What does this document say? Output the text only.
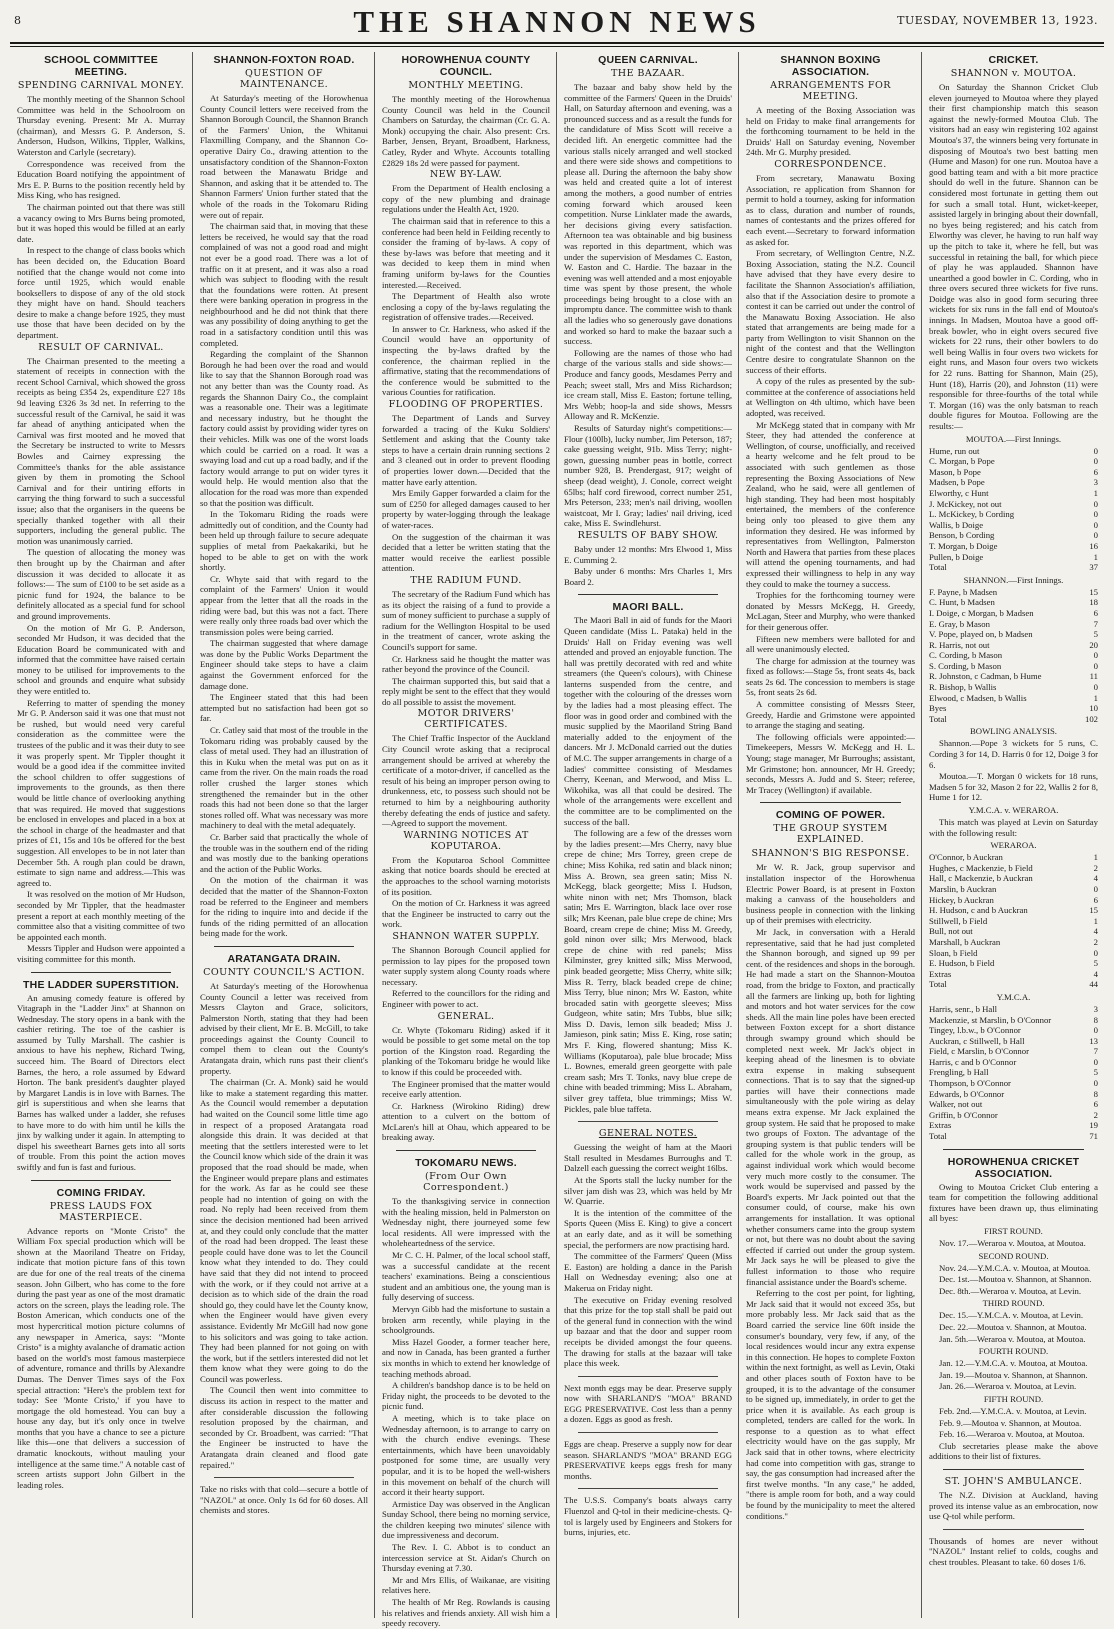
8	THE SHANNON NEWS	TUESDAY, NOVEMBER 13, 1923.
SCHOOL COMMITTEE MEETING.
SPENDING CARNIVAL MONEY.

The monthly meeting of the Shannon School Committee was held in the Schoolroom on Thursday evening. Present: Mr A. Murray (chairman), and Messrs G. P. Anderson, S. Anderson, Hudson, Wilkins, Tippler, Walkins, Waterston and Carlyle (secretary).

Correspondence was received from the Education Board notifying the appointment of Mrs E. P. Burns to the position recently held by Miss King, who has resigned.

The chairman pointed out that there was still a vacancy owing to Mrs Burns being promoted, but it was hoped this would be filled at an early date.

In respect to the change of class books which has been decided on, the Education Board notified that the change would not come into force until 1925, which would enable booksellers to dispose of any of the old stock they might have on hand. Should teachers desire to make a change before 1925, they must use those that have been decided on by the department.

RESULT OF CARNIVAL.

The Chairman presented to the meeting a statement of receipts in connection with the recent School Carnival, which showed the gross receipts as being £354 2s, expenditure £27 18s 9d leaving £326 3s 3d net. In referring to the successful result of the Carnival, he said it was far ahead of anything anticipated when the Carnival was first mooted and he moved that the Secretary be instructed to write to Messrs Bowles and Cairney expressing the Committee's thanks for the able assistance given by them in promoting the School Carnival and for their untiring efforts in carrying the thing forward to such a successful issue; also that the organisers in the queens be specially thanked together with all their supporters, including the general public. The motion was unanimously carried.

The question of allocating the money was then brought up by the Chairman and after discussion it was decided to allocate it as follows:— The sum of £100 to be set aside as a picnic fund for 1924, the balance to be definitely allocated as a special fund for school and ground improvements.

On the motion of Mr G. P. Anderson, seconded Mr Hudson, it was decided that the Education Board be communicated with and informed that the committee have raised certain money to be utilised for improvements to the school and grounds and enquire what subsidy they were entitled to.

Referring to matter of spending the money Mr G. P. Anderson said it was one that must not be rushed, but would need very careful consideration as the committee were the trustees of the public and it was their duty to see it was properly spent. Mr Tippler thought it would be a good idea if the committee invited the school children to offer suggestions of improvements to the grounds, as then there would be little chance of overlooking anything that was required. He moved that suggestions be enclosed in envelopes and placed in a box at the school in charge of the headmaster and that prizes of £1, 15s and 10s be offered for the best suggestion. All envelopes to be in not later than December 5th. A rough plan could be drawn, estimate to sign name and address.—This was agreed to.

It was resolved on the motion of Mr Hudson, seconded by Mr Tippler, that the headmaster present a report at each monthly meeting of the committee also that a visiting committee of two be appointed each month.

Messrs Tippler and Hudson were appointed a visiting committee for this month.

THE LADDER SUPERSTITION.

An amusing comedy feature is offered by Vitagraph in the "Ladder Jinx" at Shannon on Wednesday. The story opens in a bank with the cashier retiring. The toe of the cashier is assumed by Tully Marshall. The cashier is anxious to have his nephew, Richard Twing, succeed him. The Board of Directors elect Barnes, the hero, a role assumed by Edward Horton. The bank president's daughter played by Margaret Landis is in love with Barnes. The girl is superstitious and when she learns that Barnes has walked under a ladder, she refuses to have more to do with him until he kills the jinx by walking under it again. In attempting to dispel his sweetheart Barnes gets into all sorts of trouble. From this point the action moves swiftly and fun is fast and furious.

COMING FRIDAY.
PRESS LAUDS FOX MASTERPIECE.

Advance reports on "Monte Cristo" the William Fox special production which will be shown at the Maoriland Theatre on Friday, indicate that motion picture fans of this town are due for one of the real treats of the cinema season. John Gilbert, who has come to the fore during the past year as one of the most dramatic actors on the screen, plays the leading role. The Boston American, which conducts one of the most hypercritical motion picture columns of any newspaper in America, says: "Monte Cristo" is a mighty avalanche of dramatic action based on the world's most famous masterpiece of adventure, romance and thrills by Alexandre Dumas. The Denver Times says of the Fox special attraction: "Here's the problem text for today: See 'Monte Cristo,' if you have to mortgage the old homestead. You can buy a house any day, but it's only once in twelve months that you have a chance to see a picture like this—one that delivers a succession of dramatic knockouts, without mauling your intelligence at the same time." A notable cast of screen artists support John Gilbert in the leading roles.

SHANNON-FOXTON ROAD.
QUESTION OF MAINTENANCE.

At Saturday's meeting of the Horowhenua County Council letters were received from the Shannon Borough Council, the Shannon Branch of the Farmers' Union, the Whitanui Flaxmilling Company, and the Shannon Co-operative Dairy Co., drawing attention to the unsatisfactory condition of the Shannon-Foxton road between the Manawatu Bridge and Shannon, and asking that it be attended to. The Shannon Farmers' Union further stated that the whole of the roads in the Tokomaru Riding were out of repair.

The chairman said that, in moving that these letters be received, he would say that the road complained of was not a good road and might not ever be a good road. There was a lot of traffic on it at present, and it was also a road which was subject to flooding with the result that the foundations were rotten. At present there were banking operation in progress in the neighbourhood and he did not think that there was any possibility of doing anything to get the road in a satisfactory condition until this was completed.

Regarding the complaint of the Shannon Borough he had been over the road and would like to say that the Shannon Borough road was not any better than was the County road. As regards the Shannon Dairy Co., the complaint was a reasonable one. Their was a legitimate and necessary industry, but he thought the factory could assist by providing wider tyres on their vehicles. Milk was one of the worst loads which could be carried on a road. It was a swaying load and cut up a road badly, and if the factory would arrange to put on wider tyres it would help. He would mention also that the allocation for the road was more than expended so that the position was difficult.

In the Tokomaru Riding the roads were admittedly out of condition, and the County had been held up through failure to secure adequate supplies of metal from Paekakariki, but he hoped to be able to get on with the work shortly.

Cr. Whyte said that with regard to the complaint of the Farmers' Union it would appear from the letter that all the roads in the riding were bad, but this was not a fact. There were really only three roads bad over which the transmission poles were being carried.

The chairman suggested that where damage was done by the Public Works Department the Engineer should take steps to have a claim against the Government enforced for the damage done.

The Engineer stated that this had been attempted but no satisfaction had been got so far.

Cr. Catley said that most of the trouble in the Tokomaru riding was probably caused by the class of metal used. They had an illustration of this in Kuku when the metal was put on as it came from the river. On the main roads the road roller crushed the larger stones which strengthened the remainder but in the other roads this had not been done so that the larger stones rolled off. What was necessary was more machinery to deal with the metal adequately.

Cr. Barber said that practically the whole of the trouble was in the southern end of the riding and was mostly due to the banking operations and the action of the Public Works.

On the motion of the chairman it was decided that the matter of the Shannon-Foxton road be referred to the Engineer and members for the riding to inquire into and decide if the funds of the riding permitted of an allocation being made for the work.

ARATANGATA DRAIN.
COUNTY COUNCIL'S ACTION.

At Saturday's meeting of the Horowhenua County Council a letter was received from Messrs Clayton and Grace, solicitors, Palmerston North, stating that they had been advised by their client, Mr E. B. McGill, to take proceedings against the County Council to compel them to clean out the County's Aratangata drain, which runs past their client's property.

The chairman (Cr. A. Monk) said he would like to make a statement regarding this matter. As the Council would remember a deputation had waited on the Council some little time ago in respect of a proposed Aratangata road alongside this drain. It was decided at that meeting that the settlers interested were to let the Council know which side of the drain it was proposed that the road should be made, when the Engineer would prepare plans and estimates for the work. As far as he could see these people had no intention of going on with the road. No reply had been received from them since the decision mentioned had been arrived at, and they could only conclude that the matter of the road had been dropped. The least these people could have done was to let the Council know what they intended to do. They could have said that they did not intend to proceed with the work, or if they could not arrive at a decision as to which side of the drain the road should go, they could have let the County know, when the Engineer would have given every assistance. Evidently Mr McGill had now gone to his solicitors and was going to take action. They had been planned for not going on with the work, but if the settlers interested did not let them know what they were going to do the Council was powerless.

The Council then went into committee to discuss its action in respect to the matter and after considerable discussion the following resolution proposed by the chairman, and seconded by Cr. Broadbent, was carried: "That the Engineer be instructed to have the Aratangata drain cleaned and flood gate repaired."

Take no risks with that cold—secure a bottle of "NAZOL" at once. Only 1s 6d for 60 doses. All chemists and stores.
HOROWHENUA COUNTY COUNCIL.
MONTHLY MEETING.

The monthly meeting of the Horowhenua County Council was held in the Council Chambers on Saturday, the chairman (Cr. G. A. Monk) occupying the chair. Also present: Crs. Barber, Jensen, Bryant, Broadbent, Harkness, Catley, Ryder and Whyte. Accounts totalling £2829 18s 2d were passed for payment.

NEW BY-LAW.

From the Department of Health enclosing a copy of the new plumbing and drainage regulations under the Health Act, 1920.

The chairman said that in reference to this a conference had been held in Feilding recently to consider the framing of by-laws. A copy of these by-laws was before that meeting and it was decided to keep them in mind when framing uniform by-laws for the Counties interested.—Received.

The Department of Health also wrote enclosing a copy of the by-laws regulating the registration of offensive trades.—Received.

In answer to Cr. Harkness, who asked if the Council would have an opportunity of inspecting the by-laws drafted by the conference, the chairman replied in the affirmative, stating that the recommendations of the conference would be submitted to the various Counties for ratification.

FLOODING OF PROPERTIES.

The Department of Lands and Survey forwarded a tracing of the Kuku Soldiers' Settlement and asking that the County take steps to have a certain drain running sections 2 and 3 cleaned out in order to prevent flooding of properties lower down.—Decided that the matter have early attention.

Mrs Emily Gapper forwarded a claim for the sum of £250 for alleged damages caused to her property by water-logging through the leakage of water-races.

On the suggestion of the chairman it was decided that a letter be written stating that the matter would receive the earliest possible attention.

THE RADIUM FUND.

The secretary of the Radium Fund which has as its object the raising of a fund to provide a sum of money sufficient to purchase a supply of radium for the Wellington Hospital to be used in the treatment of cancer, wrote asking the Council's support for same.

Cr. Harkness said he thought the matter was rather beyond the province of the Council.

The chairman supported this, but said that a reply might be sent to the effect that they would do all possible to assist the movement.

MOTOR DRIVERS' CERTIFICATES.

The Chief Traffic Inspector of the Auckland City Council wrote asking that a reciprocal arrangement should be arrived at whereby the certificate of a motor-driver, if cancelled as the result of his being an improper person owing to drunkenness, etc, to possess such should not be returned to him by a neighbouring authority thereby defeating the ends of justice and safety.—Agreed to support the movement.

WARNING NOTICES AT KOPUTAROA.

From the Koputaroa School Committee asking that notice boards should be erected at the approaches to the school warning motorists of its position.

On the motion of Cr. Harkness it was agreed that the Engineer be instructed to carry out the work.

SHANNON WATER SUPPLY.

The Shannon Borough Council applied for permission to lay pipes for the proposed town water supply system along County roads where necessary.

Referred to the councillors for the riding and Engineer with power to act.

GENERAL.

Cr. Whyte (Tokomaru Riding) asked if it would be possible to get some metal on the top portion of the Kingston road. Regarding the planking of the Tokomaru bridge he would like to know if this could be proceeded with.

The Engineer promised that the matter would receive early attention.

Cr. Harkness (Wirokino Riding) drew attention to a culvert on the bottom of McLaren's hill at Ohau, which appeared to be breaking away.

TOKOMARU NEWS.
(From Our Own Correspondent.)

To the thanksgiving service in connection with the healing mission, held in Palmerston on Wednesday night, there journeyed some few local residents. All were impressed with the wholeheartedness of the service.

Mr C. C. H. Palmer, of the local school staff, was a successful candidate at the recent teachers' examinations. Being a conscientious student and an ambitious one, the young man is fully deserving of success.

Mervyn Gibb had the misfortune to sustain a broken arm recently, while playing in the schoolgrounds.

Miss Hazel Gooder, a former teacher here, and now in Canada, has been granted a further six months in which to extend her knowledge of teaching methods abroad.

A children's bandshop dance is to be held on Friday night, the proceeds to be devoted to the picnic fund.

A meeting, which is to take place on Wednesday afternoon, is to arrange to carry on with the church endive evenings. These entertainments, which have been unavoidably postponed for some time, are usually very popular, and it is to be hoped the well-wishers in this movement on behalf of the church will accord it their hearty support.

Armistice Day was observed in the Anglican Sunday School, there being no morning service, the children keeping two minutes' silence with due impressiveness and decorum.

The Rev. I. C. Abbot is to conduct an intercession service at St. Aidan's Church on Thursday evening at 7.30.

Mr and Mrs Ellis, of Waikanae, are visiting relatives here.

The health of Mr Reg. Rowlands is causing his relatives and friends anxiety. All wish him a speedy recovery.

QUEEN CARNIVAL.
THE BAZAAR.

The bazaar and baby show held by the committee of the Farmers' Queen in the Druids' Hall, on Saturday afternoon and evening, was a pronounced success and as a result the funds for the candidature of Miss Scott will receive a decided lift. An energetic committee had the various stalls nicely arranged and well stocked and there were side shows and competitions to please all. During the afternoon the baby show was held and created quite a lot of interest among the mothers, a good number of entries coming forward which aroused keen competition. Nurse Linklater made the awards, her decisions giving every satisfaction. Afternoon tea was obtainable and big business was reported in this department, which was under the supervision of Mesdames C. Easton, W. Easton and C. Hardie. The bazaar in the evening was well attended and a most enjoyable time was spent by those present, the whole proceedings being brought to a close with an impromptu dance. The committee wish to thank all the ladies who so generously gave donations and worked so hard to make the bazaar such a success.

Following are the names of those who had charge of the various stalls and side shows:—Produce and fancy goods, Mesdames Perry and Peach; sweet stall, Mrs and Miss Richardson; ice cream stall, Miss E. Easton; fortune telling, Mrs Webb; hoop-la and side shows, Messrs Alloway and R. McKenzie.

Results of Saturday night's competitions:—Flour (100lb), lucky number, Jim Peterson, 187; cake guessing weight, 91b. Miss Terry; night-gown, guessing number peas in bottle, correct number 928, B. Prendergast, 917; weight of sheep (dead weight), J. Conole, correct weight 65lbs; half cord firewood, correct number 251, Mrs Peterson, 233; men's nail driving, woollen waistcoat, Mr I. Gray; ladies' nail driving, iced cake, Miss E. Swindlehurst.

RESULTS OF BABY SHOW.

Baby under 12 months: Mrs Elwood 1, Miss E. Cumming 2.

Baby under 6 months: Mrs Charles 1, Mrs Board 2.

MAORI BALL.

The Maori Ball in aid of funds for the Maori Queen candidate (Miss L. Pataka) held in the Druids' Hall on Friday evening was well attended and proved an enjoyable function. The hall was prettily decorated with red and white streamers (the Queen's colours), with Chinese lanterns suspended from the centre, and together with the colouring of the dresses worn by the ladies had a most pleasing effect. The floor was in good order and combined with the music supplied by the Maoriland String Band materially added to the enjoyment of the dancers. Mr J. McDonald carried out the duties of M.C. The supper arrangements in charge of a ladies' committee consisting of Mesdames Cherry, Keenan, and Merwood, and Miss L. Wikohika, was all that could be desired. The whole of the arrangements were excellent and the committee are to be complimented on the success of the ball.

The following are a few of the dresses worn by the ladies present:—Mrs Cherry, navy blue crepe de chine; Mrs Torrey, green crepe de chine; Miss Kohika, red satin and black ninon; Miss A. Brown, sea green satin; Miss N. McKegg, black georgette; Miss I. Hudson, white ninon with net; Mrs Thomson, black satin; Mrs E. Warrington, black lace over rose silk; Mrs Keenan, pale blue crepe de chine; Mrs Board, cream crepe de chine; Miss M. Greedy, gold ninon over silk; Mrs Merwood, black crepe de chine with red panels; Miss Kilminster, grey knitted silk; Miss Merwood, pink beaded georgette; Miss Cherry, white silk; Miss R. Terry, black beaded crepe de chine; Miss Terry, blue ninon; Mrs W. Easton, white brocaded satin with georgette sleeves; Miss Gudgeon, white satin; Mrs Tubbs, blue silk; Miss D. Davis, lemon silk beaded; Miss J. Jamieson, pink satin; Miss E. King, rose satin; Mrs F. King, flowered shantung; Miss K. Williams (Koputaroa), pale blue brocade; Miss L. Bownes, emerald green georgette with pale cream sash; Mrs T. Tonks, navy blue crepe de chine with beaded trimming; Miss L. Abraham, silver grey taffeta, blue trimmings; Miss W. Pickles, pale blue taffeta.

GENERAL NOTES.

Guessing the weight of ham at the Maori Stall resulted in Mesdames Burroughs and T. Dalzell each guessing the correct weight 16lbs.

At the Sports stall the lucky number for the silver jam dish was 23, which was held by Mr W. Quarrie.

It is the intention of the committee of the Sports Queen (Miss E. King) to give a concert at an early date, and as it will be something special, the performers are now practising hard.

The committee of the Farmers' Queen (Miss E. Easton) are holding a dance in the Parish Hall on Wednesday evening; also one at Makerua on Friday night.

The executive on Friday evening resolved that this prize for the top stall shall be paid out of the general fund in connection with the wind up bazaar and that the door and supper room receipts be divided amongst the four queens. The drawing for stalls at the bazaar will take place this week.

Next month eggs may be dear. Preserve supply now with SHARLAND'S "MOA" BRAND EGG PRESERVATIVE. Cost less than a penny a dozen. Eggs as good as fresh.
Eggs are cheap. Preserve a supply now for dear season. SHARLAND'S "MOA" BRAND EGG PRESERVATIVE keeps eggs fresh for many months.
The U.S.S. Company's boats always carry Fluenzol and Q-tol in their medicine-chests. Q-tol is largely used by Engineers and Stokers for burns, injuries, etc.
SHANNON BOXING ASSOCIATION.
ARRANGEMENTS FOR MEETING.

A meeting of the Boxing Association was held on Friday to make final arrangements for the forthcoming tournament to be held in the Druids' Hall on Saturday evening, November 24th. Mr G. Murphy presided.

CORRESPONDENCE.

From secretary, Manawatu Boxing Association, re application from Shannon for permit to hold a tourney, asking for information as to class, duration and number of rounds, names of contestants and the prizes offered for each event.—Secretary to forward information as asked for.

From secretary, of Wellington Centre, N.Z. Boxing Association, stating the N.Z. Council have advised that they have every desire to facilitate the Shannon Association's affiliation, also that if the Association desire to promote a contest it can be carried out under the control of the Manawatu Boxing Association. He also stated that arrangements are being made for a party from Wellington to visit Shannon on the night of the contest and that the Wellington Centre desire to congratulate Shannon on the success of their efforts.

A copy of the rules as presented by the sub-committee at the conference of associations held at Wellington on 4th ultimo, which have been adopted, was received.

Mr McKegg stated that in company with Mr Steer, they had attended the conference at Wellington, of course, unofficially, and received a hearty welcome and he felt proud to be associated with such gentlemen as those representing the Boxing Associations of New Zealand, who he said, were all gentlemen of high standing. They had been most hospitably entertained, the members of the conference being only too pleased to give them any information they desired. He was informed by representatives from Wellington, Palmerston North and Hawera that parties from these places will attend the opening tournaments, and had expressed their willingness to help in any way they could to make the tourney a success.

Trophies for the forthcoming tourney were donated by Messrs McKegg, H. Greedy, McLagan, Steer and Murphy, who were thanked for their generous offer.

Fifteen new members were balloted for and all were unanimously elected.

The charge for admission at the tourney was fixed as follows:—Stage 5s, front seats 4s, back seats 2s 6d. The concession to members is stage 5s, front seats 2s 6d.

A committee consisting of Messrs Steer, Greedy, Hardie and Grimstone were appointed to arrange the staging and seating.

The following officials were appointed:—Timekeepers, Messrs W. McKegg and H. L. Young; stage manager, Mr Burroughs; assistant, Mr Grimstone; hon. announcer, Mr H. Greedy; seconds, Messrs A. Judd and S. Steer; referee, Mr Tracey (Wellington) if available.

COMING OF POWER.
THE GROUP SYSTEM EXPLAINED.
SHANNON'S BIG RESPONSE.

Mr W. R. Jack, group supervisor and installation inspector of the Horowhenua Electric Power Board, is at present in Foxton making a canvass of the householders and business people in connection with the linking up of their premises with electricity.

Mr Jack, in conversation with a Herald representative, said that he had just completed the Shannon borough, and signed up 99 per cent. of the residences and shops in the borough. He had made a start on the Shannon-Moutoa road, from the bridge to Foxton, and practically all the farmers are linking up, both for lighting and motors and hot water services for the cow sheds. All the main line poles have been erected between Foxton except for a short distance through swampy ground which should be completed next week. Mr Jack's object in keeping ahead of the linesmen is to obviate extra expense in making subsequent connections. That is to say that the signed-up parties will have their connections made simultaneously with the pole wiring as delay means extra expense. Mr Jack explained the group system. He said that he proposed to make two groups of Foxton. The advantage of the grouping system is that public tenders will be called for the whole work in the group, as against individual work which would become very much more costly to the consumer. The work would be supervised and passed by the Board's experts. Mr Jack pointed out that the consumer could, of course, make his own arrangements for installation. It was optional whether consumers came into the group system or not, but there was no doubt about the saving effected if carried out under the group system. Mr Jack says he will be pleased to give the fullest information to those who require financial assistance under the Board's scheme.

Referring to the cost per point, for lighting, Mr Jack said that it would not exceed 35s, but more probably less. Mr Jack said that as the Board carried the service line 60ft inside the consumer's boundary, very few, if any, of the local residences would incur any extra expense in this connection. He hopes to complete Foxton within the next fortnight, as well as Levin, Otaki and other places south of Foxton have to be grouped, it is to the advantage of the consumer to be signed up, immediately, in order to get the price when it is available. As each group is completed, tenders are called for the work. In response to a question as to what effect electricity would have on the gas supply, Mr Jack said that in other towns, where electricity had come into competition with gas, strange to say, the gas consumption had increased after the first twelve months. "In any case," he added, "there is ample room for both, and a way could be found by the municipality to meet the altered conditions."

CRICKET.
SHANNON v. MOUTOA.

On Saturday the Shannon Cricket Club eleven journeyed to Moutoa where they played their first championship match this season against the newly-formed Moutoa Club. The visitors had an easy win registering 102 against Moutoa's 37, the winners being very fortunate in disposing of Moutoa's two best batting men (Hume and Mason) for one run. Moutoa have a good batting team and with a bit more practice should do well in the future. Shannon can be considered most fortunate in getting them out for such a small total. Hunt, wicket-keeper, assisted largely in bringing about their downfall, no byes being registered; and his catch from Elworthy was clever, he having to run half way up the pitch to take it, where he fell, but was successful in retaining the ball, for which piece of play he was applauded. Shannon have unearthed a good bowler in C. Cording, who in three overs secured three wickets for five runs. Doidge was also in good form securing three wickets for six runs in the fall end of Moutoa's innings. In Madsen, Moutoa have a good off-break bowler, who in eight overs secured five wickets for 22 runs, their other bowlers to do well being Wallis in four overs two wickets for eight runs, and Mason four overs two wickets for 22 runs. Batting for Shannon, Main (25), Hunt (18), Harris (20), and Johnston (11) were responsible for three-fourths of the total while T. Morgan (16) was the only batsman to reach double figures for Moutoa. Following are the results:—

MOUTOA.—First Innings.
Hume, run out	0
C. Morgan, b Pope	0
Mason, b Pope	6
Madsen, b Pope	3
Elworthy, c Hunt	1
J. McKickey, not out	0
L. McKickey, b Cording	0
Wallis, b Doige	0
Benson, b Cording	0
T. Morgan, b Doige	16
Pullen, b Doige	1
Total	37
SHANNON.—First Innings.
F. Payne, b Madsen	15
C. Hunt, b Madsen	18
I. Doige, c Morgan, b Madsen	6
E. Gray, b Mason	7
V. Pope, played on, b Madsen	5
R. Harris, not out	20
C. Cording, b Mason	0
S. Cording, b Mason	0
R. Johnston, c Cadman, b Hume	11
R. Bishop, b Wallis	0
Elwood, c Madsen, b Wallis	1
Byes	10
Total	102
BOWLING ANALYSIS.

Shannon.—Pope 3 wickets for 5 runs, C. Cording 3 for 14, D. Harris 0 for 12, Doige 3 for 6.

Moutoa.—T. Morgan 0 wickets for 18 runs, Madsen 5 for 32, Mason 2 for 22, Wallis 2 for 8, Hume 1 for 12.

Y.M.C.A. v. WERAROA.

This match was played at Levin on Saturday with the following result:

WERAROA.
O'Connor, b Auckran	1
Hughes, c Mackenzie, b Field	2
Hall, c Mackenzie, b Auckran	4
Marslin, b Auckran	0
Hickey, b Auckran	6
H. Hudson, c and b Auckran	15
Stillwell, b Field	1
Bull, not out	4
Marshall, b Auckran	2
Sloan, b Field	0
E. Hudson, b Field	5
Extras	4
Total	44
Y.M.C.A.
Harris, senr., b Hall	3
Mackenzie, st Marslin, b O'Connor	8
Tingey, l.b.w., b O'Connor	0
Auckran, c Stillwell, b Hall	13
Field, c Marslin, b O'Connor	7
Harris, c and b O'Connor	0
Frengling, b Hall	5
Thompson, b O'Connor	0
Edwards, b O'Connor	8
Walker, not out	6
Griffin, b O'Connor	2
Extras	19
Total	71
HOROWHENUA CRICKET ASSOCIATION.

Owing to Moutoa Cricket Club entering a team for competition the following additional fixtures have been drawn up, thus eliminating all byes:

FIRST ROUND.

Nov. 17.—Weraroa v. Moutoa, at Moutoa.

SECOND ROUND.

Nov. 24.—Y.M.C.A. v. Moutoa, at Moutoa.

Dec. 1st.—Moutoa v. Shannon, at Shannon.

Dec. 8th.—Weraroa v. Moutoa, at Levin.

THIRD ROUND.

Dec. 15.—Y.M.C.A. v. Moutoa, at Levin.

Dec. 22.—Moutoa v. Shannon, at Moutoa.

Jan. 5th.—Weraroa v. Moutoa, at Moutoa.

FOURTH ROUND.

Jan. 12.—Y.M.C.A. v. Moutoa, at Moutoa.

Jan. 19.—Moutoa v. Shannon, at Shannon.

Jan. 26.—Weraroa v. Moutoa, at Levin.

FIFTH ROUND.

Feb. 2nd.—Y.M.C.A. v. Moutoa, at Levin.

Feb. 9.—Moutoa v. Shannon, at Moutoa.

Feb. 16.—Weraroa v. Moutoa, at Moutoa.

Club secretaries please make the above additions to their list of fixtures.

ST. JOHN'S AMBULANCE.

The N.Z. Division at Auckland, having proved its intense value as an embrocation, now use Q-tol while perform.

Thousands of homes are never without "NAZOL" Instant relief to colds, coughs and chest troubles. Pleasant to take. 60 doses 1/6.
